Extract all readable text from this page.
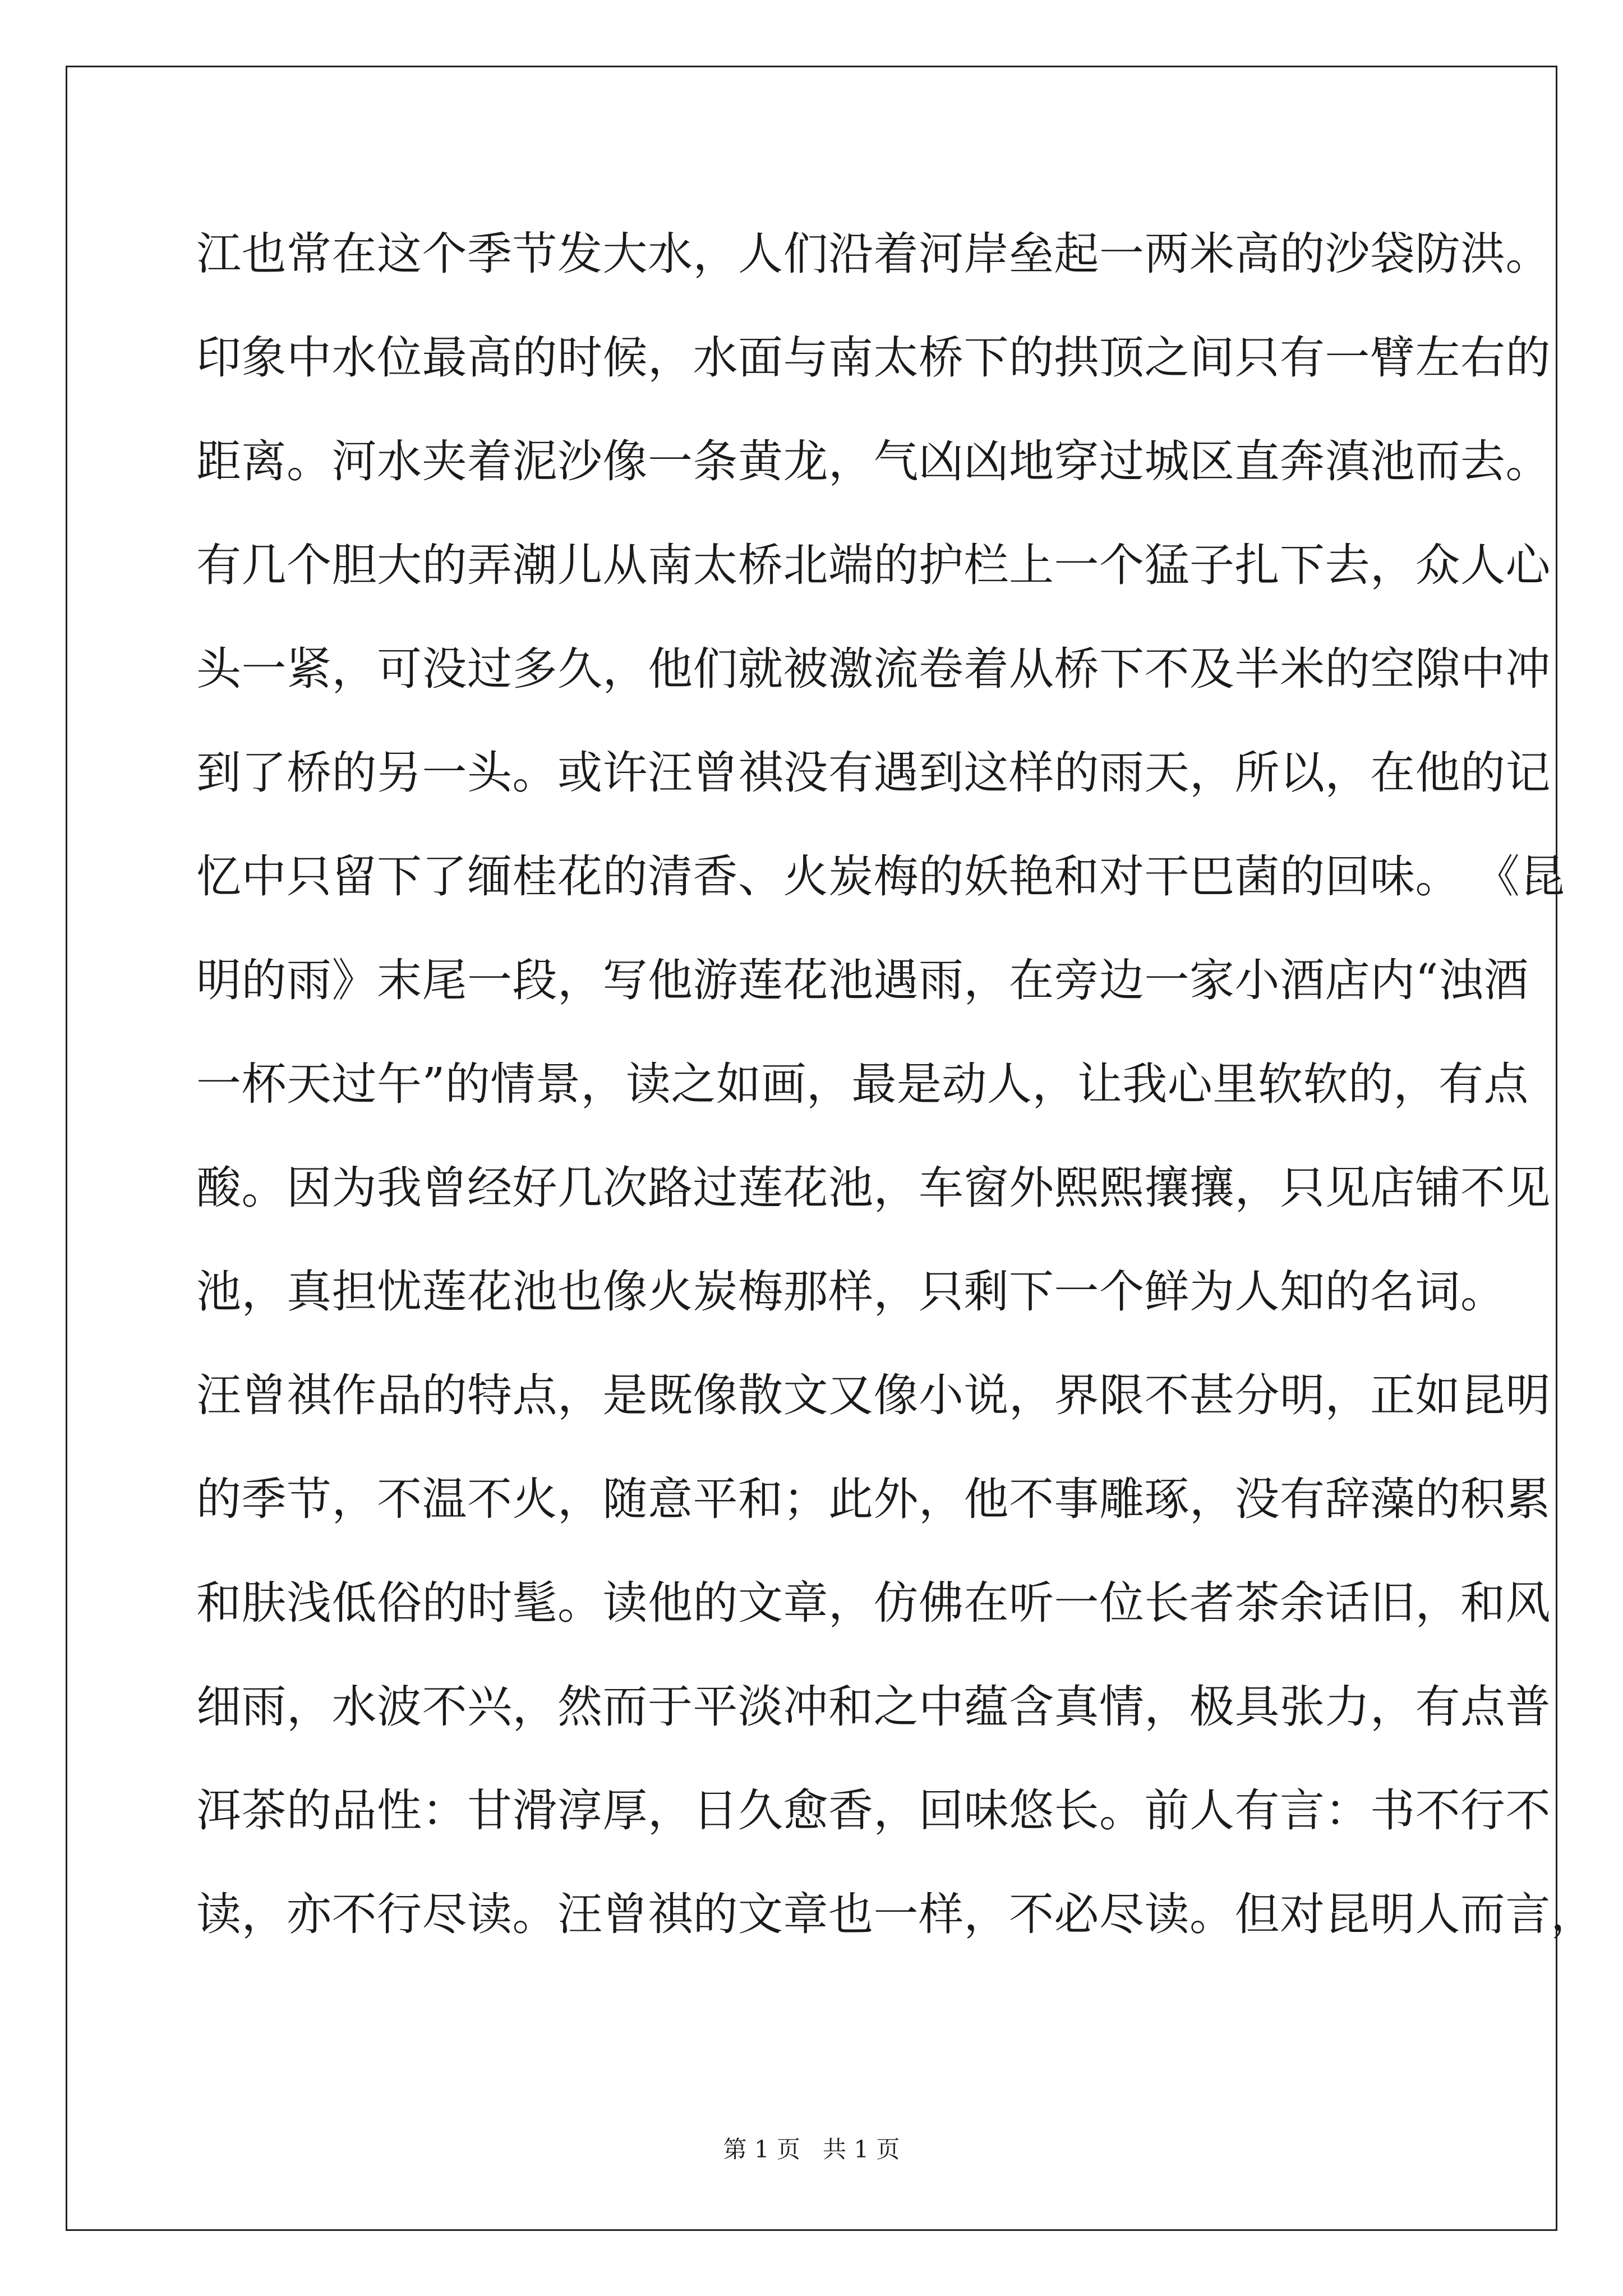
江也常在这个季节发大水，人们沿着河岸垒起一两米高的沙袋防洪。
印象中水位最高的时候，水面与南太桥下的拱顶之间只有一臂左右的
距离。河水夹着泥沙像一条黄龙，气凶凶地穿过城区直奔滇池而去。
有几个胆大的弄潮儿从南太桥北端的护栏上一个猛子扎下去，众人心
头一紧，可没过多久，他们就被激流卷着从桥下不及半米的空隙中冲
到了桥的另一头。或许汪曾祺没有遇到这样的雨天，所以，在他的记
忆中只留下了缅桂花的清香、火炭梅的妖艳和对干巴菌的回味。 《昆
明的雨》末尾一段，写他游莲花池遇雨，在旁边一家小酒店内“浊酒
一杯天过午”的情景，读之如画，最是动人，让我心里软软的，有点
酸。因为我曾经好几次路过莲花池，车窗外熙熙攘攘，只见店铺不见
池，真担忧莲花池也像火炭梅那样，只剩下一个鲜为人知的名词。
汪曾祺作品的特点，是既像散文又像小说，界限不甚分明，正如昆明
的季节，不温不火，随意平和；此外，他不事雕琢，没有辞藻的积累
和肤浅低俗的时髦。读他的文章，仿佛在听一位长者茶余话旧，和风
细雨，水波不兴，然而于平淡冲和之中蕴含真情，极具张力，有点普
洱茶的品性：甘滑淳厚，日久愈香，回味悠长。前人有言：书不行不
读，亦不行尽读。汪曾祺的文章也一样，不必尽读。但对昆明人而言，
第 1 页 共 1 页
